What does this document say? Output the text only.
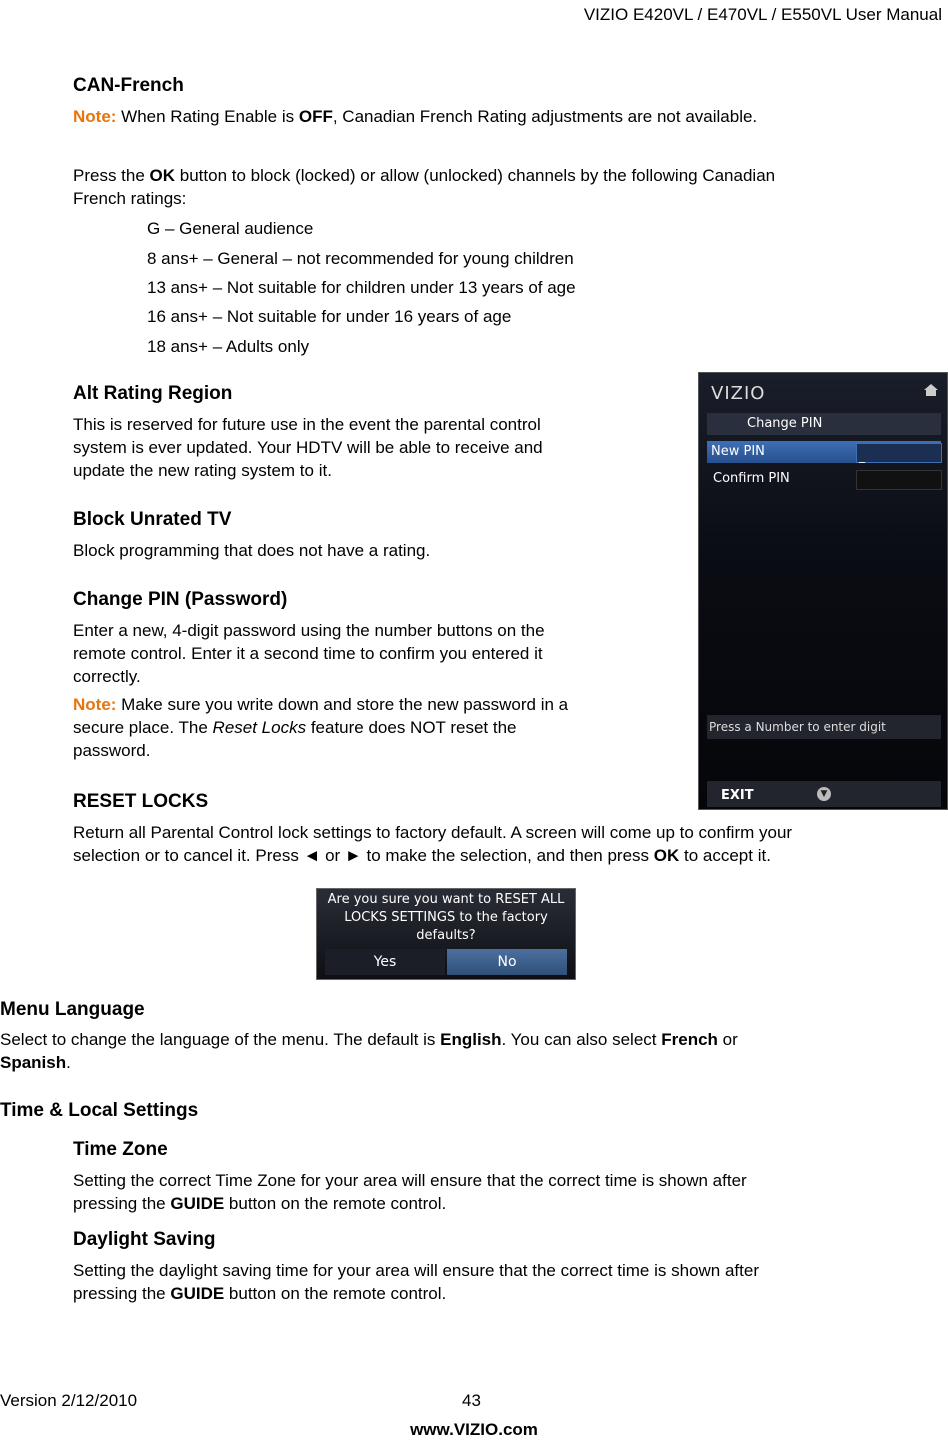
VIZIO E420VL / E470VL / E550VL User Manual
CAN-French

Note: When Rating Enable is OFF, Canadian French Rating adjustments are not available.

Press the OK button to block (locked) or allow (unlocked) channels by the following Canadian

French ratings:

G – General audience
8 ans+ – General – not recommended for young children
13 ans+ – Not suitable for children under 13 years of age
16 ans+ – Not suitable for under 16 years of age
18 ans+ – Adults only
Alt Rating Region

This is reserved for future use in the event the parental control

system is ever updated. Your HDTV will be able to receive and

update the new rating system to it.

Block Unrated TV

Block programming that does not have a rating.

Change PIN (Password)

Enter a new, 4-digit password using the number buttons on the

remote control. Enter it a second time to confirm you entered it

correctly.

Note: Make sure you write down and store the new password in a

secure place. The Reset Locks feature does NOT reset the

password.

VIZIO
Change PIN
New PIN	_
Confirm PIN
Press a Number to enter digit
EXIT	▼
RESET LOCKS

Return all Parental Control lock settings to factory default. A screen will come up to confirm your

selection or to cancel it. Press ◄ or ► to make the selection, and then press OK to accept it.

Are you sure you want to RESET ALL
LOCKS SETTINGS to the factory
defaults?
Yes	No
Menu Language

Select to change the language of the menu. The default is English. You can also select French or

Spanish.

Time & Local Settings
Time Zone

Setting the correct Time Zone for your area will ensure that the correct time is shown after

pressing the GUIDE button on the remote control.

Daylight Saving

Setting the daylight saving time for your area will ensure that the correct time is shown after

pressing the GUIDE button on the remote control.

Version 2/12/2010	43
www.VIZIO.com
